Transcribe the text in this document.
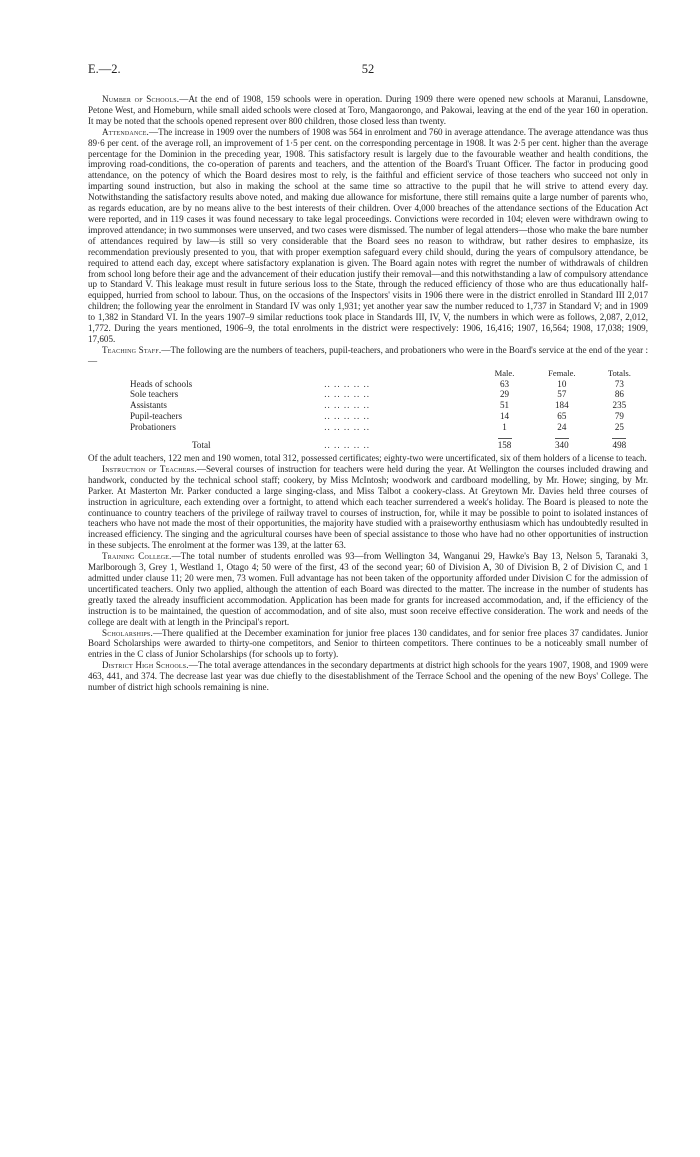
E.—2.	52

Number of Schools.—At the end of 1908, 159 schools were in operation. During 1909 there were opened new schools at Maranui, Lansdowne, Petone West, and Homeburn, while small aided schools were closed at Toro, Mangaorongo, and Pakowai, leaving at the end of the year 160 in operation. It may be noted that the schools opened represent over 800 children, those closed less than twenty.

Attendance.—The increase in 1909 over the numbers of 1908 was 564 in enrolment and 760 in average attendance. The average attendance was thus 89·6 per cent. of the average roll, an improvement of 1·5 per cent. on the corresponding percentage in 1908. It was 2·5 per cent. higher than the average percentage for the Dominion in the preceding year, 1908. This satisfactory result is largely due to the favourable weather and health conditions, the improving road-conditions, the co-operation of parents and teachers, and the attention of the Board's Truant Officer. The factor in producing good attendance, on the potency of which the Board desires most to rely, is the faithful and efficient service of those teachers who succeed not only in imparting sound instruction, but also in making the school at the same time so attractive to the pupil that he will strive to attend every day. Notwithstanding the satisfactory results above noted, and making due allowance for misfortune, there still remains quite a large number of parents who, as regards education, are by no means alive to the best interests of their children. Over 4,000 breaches of the attendance sections of the Education Act were reported, and in 119 cases it was found necessary to take legal proceedings. Convictions were recorded in 104; eleven were withdrawn owing to improved attendance; in two summonses were unserved, and two cases were dismissed. The number of legal attenders—those who make the bare number of attendances required by law—is still so very considerable that the Board sees no reason to withdraw, but rather desires to emphasize, its recommendation previously presented to you, that with proper exemption safeguard every child should, during the years of compulsory attendance, be required to attend each day, except where satisfactory explanation is given. The Board again notes with regret the number of withdrawals of children from school long before their age and the advancement of their education justify their removal—and this notwithstanding a law of compulsory attendance up to Standard V. This leakage must result in future serious loss to the State, through the reduced efficiency of those who are thus educationally half-equipped, hurried from school to labour. Thus, on the occasions of the Inspectors' visits in 1906 there were in the district enrolled in Standard III 2,017 children; the following year the enrolment in Standard IV was only 1,931; yet another year saw the number reduced to 1,737 in Standard V; and in 1909 to 1,382 in Standard VI. In the years 1907–9 similar reductions took place in Standards III, IV, V, the numbers in which were as follows, 2,087, 2,012, 1,772. During the years mentioned, 1906–9, the total enrolments in the district were respectively: 1906, 16,416; 1907, 16,564; 1908, 17,038; 1909, 17,605.

Teaching Staff.—The following are the numbers of teachers, pupil-teachers, and probationers who were in the Board's service at the end of the year :—

		Male.	Female.	Totals.
Heads of schools	.. .. .. .. ..	63	10	73
Sole teachers	.. .. .. .. ..	29	57	86
Assistants	.. .. .. .. ..	51	184	235
Pupil-teachers	.. .. .. .. ..	14	65	79
Probationers	.. .. .. .. ..	1	24	25

Total	.. .. .. .. ..	158	340	498

Of the adult teachers, 122 men and 190 women, total 312, possessed certificates; eighty-two were uncertificated, six of them holders of a license to teach.

Instruction of Teachers.—Several courses of instruction for teachers were held during the year. At Wellington the courses included drawing and handwork, conducted by the technical school staff; cookery, by Miss McIntosh; woodwork and cardboard modelling, by Mr. Howe; singing, by Mr. Parker. At Masterton Mr. Parker conducted a large singing-class, and Miss Talbot a cookery-class. At Greytown Mr. Davies held three courses of instruction in agriculture, each extending over a fortnight, to attend which each teacher surrendered a week's holiday. The Board is pleased to note the continuance to country teachers of the privilege of railway travel to courses of instruction, for, while it may be possible to point to isolated instances of teachers who have not made the most of their opportunities, the majority have studied with a praiseworthy enthusiasm which has undoubtedly resulted in increased efficiency. The singing and the agricultural courses have been of special assistance to those who have had no other opportunities of instruction in these subjects. The enrolment at the former was 139, at the latter 63.

Training College.—The total number of students enrolled was 93—from Wellington 34, Wanganui 29, Hawke's Bay 13, Nelson 5, Taranaki 3, Marlborough 3, Grey 1, Westland 1, Otago 4; 50 were of the first, 43 of the second year; 60 of Division A, 30 of Division B, 2 of Division C, and 1 admitted under clause 11; 20 were men, 73 women. Full advantage has not been taken of the opportunity afforded under Division C for the admission of uncertificated teachers. Only two applied, although the attention of each Board was directed to the matter. The increase in the number of students has greatly taxed the already insufficient accommodation. Application has been made for grants for increased accommodation, and, if the efficiency of the instruction is to be maintained, the question of accommodation, and of site also, must soon receive effective consideration. The work and needs of the college are dealt with at length in the Principal's report.

Scholarships.—There qualified at the December examination for junior free places 130 candidates, and for senior free places 37 candidates. Junior Board Scholarships were awarded to thirty-one competitors, and Senior to thirteen competitors. There continues to be a noticeably small number of entries in the C class of Junior Scholarships (for schools up to forty).

District High Schools.—The total average attendances in the secondary departments at district high schools for the years 1907, 1908, and 1909 were 463, 441, and 374. The decrease last year was due chiefly to the disestablishment of the Terrace School and the opening of the new Boys' College. The number of district high schools remaining is nine.
